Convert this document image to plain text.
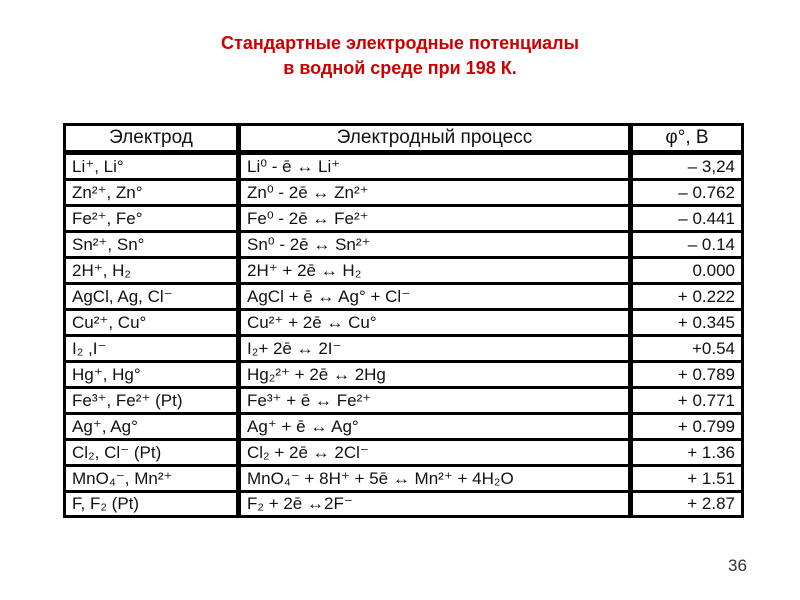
Стандартные электродные потенциалы
в водной среде при 198 К.
Электрод	Электродный процесс	φ°, В
Li⁺, Li°	Li⁰ - ē ↔ Li⁺	– 3,24
Zn²⁺, Zn°	Zn⁰ - 2ē ↔ Zn²⁺	– 0.762
Fe²⁺, Fe°	Fe⁰ - 2ē ↔ Fe²⁺	– 0.441
Sn²⁺, Sn°	Sn⁰ - 2ē ↔ Sn²⁺	– 0.14
2H⁺, H₂	2H⁺ + 2ē ↔ H₂	0.000
AgCl, Ag, Cl⁻	AgCl + ē ↔ Ag° + Cl⁻	+ 0.222
Cu²⁺, Cu°	Cu²⁺ + 2ē ↔ Cu°	+ 0.345
I₂ ,I⁻	I₂+ 2ē ↔ 2I⁻	+0.54
Hg⁺, Hg°	Hg₂²⁺ + 2ē ↔ 2Hg	+ 0.789
Fe³⁺, Fe²⁺ (Pt)	Fe³⁺ + ē ↔ Fe²⁺	+ 0.771
Ag⁺, Ag°	Ag⁺ + ē ↔ Ag°	+ 0.799
Cl₂, Cl⁻ (Pt)	Cl₂ + 2ē ↔ 2Cl⁻	+ 1.36
MnO₄⁻, Mn²⁺	MnO₄⁻ + 8H⁺ + 5ē ↔ Mn²⁺ + 4H₂O	+ 1.51
F, F₂ (Pt)	F₂ + 2ē ↔2F⁻	+ 2.87
36
